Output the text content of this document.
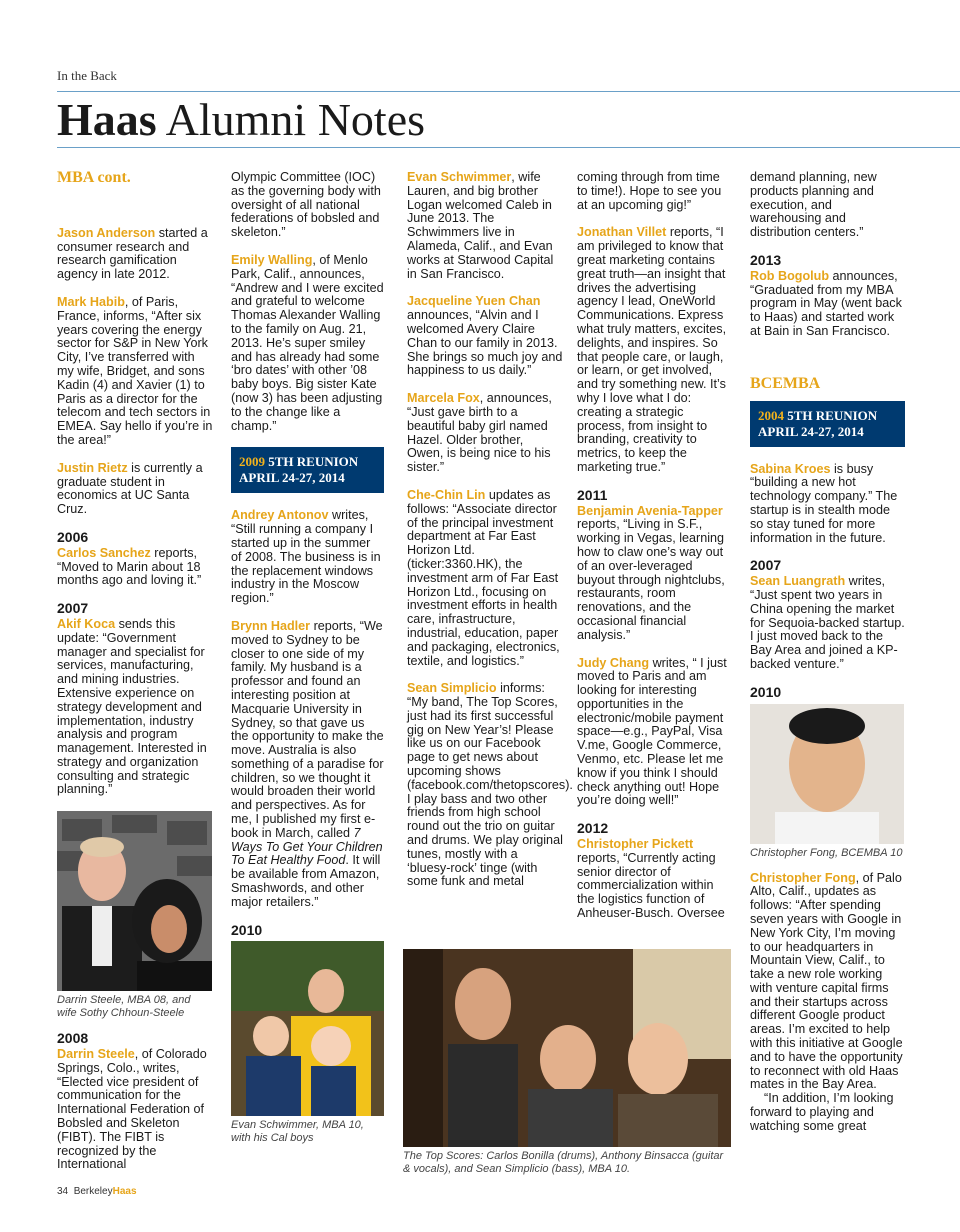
In the Back
Haas Alumni Notes
MBA cont.

Jason Anderson started a consumer research and research gamification agency in late 2012.

Mark Habib, of Paris, France, informs, “After six years covering the energy sector for S&P in New York City, I’ve transferred with my wife, Bridget, and sons Kadin (4) and Xavier (1) to Paris as a director for the telecom and tech sectors in EMEA. Say hello if you’re in the area!”

Justin Rietz is currently a graduate student in economics at UC Santa Cruz.

2006

Carlos Sanchez reports, “Moved to Marin about 18 months ago and loving it.”

2007

Akif Koca sends this update: “Government manager and specialist for services, manufacturing, and mining industries. Extensive experience on strategy development and implementation, industry analysis and program management. Interested in strategy and organization consulting and strategic planning.”

Darrin Steele, MBA 08, and wife Sothy Chhoun-Steele
2008

Darrin Steele, of Colorado Springs, Colo., writes, “Elected vice president of communication for the International Federation of Bobsled and Skeleton (FIBT). The FIBT is recognized by the International

Olympic Committee (IOC) as the governing body with oversight of all national federations of bobsled and skeleton.”

Emily Walling, of Menlo Park, Calif., announces, “Andrew and I were excited and grateful to welcome Thomas Alexander Walling to the family on Aug. 21, 2013. He’s super smiley and has already had some ‘bro dates’ with other ’08 baby boys. Big sister Kate (now 3) has been adjusting to the change like a champ.”

2009 5TH REUNION
APRIL 24-27, 2014

Andrey Antonov writes, “Still running a company I started up in the summer of 2008. The business is in the replacement windows industry in the Moscow region.”

Brynn Hadler reports, “We moved to Sydney to be closer to one side of my family. My husband is a professor and found an interesting position at Macquarie University in Sydney, so that gave us the opportunity to make the move. Australia is also something of a paradise for children, so we thought it would broaden their world and perspectives. As for me, I published my first e-book in March, called 7 Ways To Get Your Children To Eat Healthy Food. It will be available from Amazon, Smashwords, and other major retailers.”

2010
Evan Schwimmer, MBA 10, with his Cal boys

Evan Schwimmer, wife Lauren, and big brother Logan welcomed Caleb in June 2013. The Schwimmers live in Alameda, Calif., and Evan works at Starwood Capital in San Francisco.

Jacqueline Yuen Chan announces, “Alvin and I welcomed Avery Claire Chan to our family in 2013. She brings so much joy and happiness to us daily.”

Marcela Fox, announces, “Just gave birth to a beautiful baby girl named Hazel. Older brother, Owen, is being nice to his sister.”

Che-Chin Lin updates as follows: “Associate director of the principal investment department at Far East Horizon Ltd. (ticker:3360.HK), the investment arm of Far East Horizon Ltd., focusing on investment efforts in health care, infrastructure, industrial, education, paper and packaging, electronics, textile, and logistics.”

Sean Simplicio informs: “My band, The Top Scores, just had its first successful gig on New Year’s! Please like us on our Facebook page to get news about upcoming shows (facebook.com/thetopscores). I play bass and two other friends from high school round out the trio on guitar and drums. We play original tunes, mostly with a ‘bluesy-rock’ tinge (with some funk and metal

The Top Scores: Carlos Bonilla (drums), Anthony Binsacca (guitar & vocals), and Sean Simplicio (bass), MBA 10.

coming through from time to time!). Hope to see you at an upcoming gig!”

Jonathan Villet reports, “I am privileged to know that great marketing contains great truth—an insight that drives the advertising agency I lead, OneWorld Communications. Express what truly matters, excites, delights, and inspires. So that people care, or laugh, or learn, or get involved, and try something new. It’s why I love what I do: creating a strategic process, from insight to branding, creativity to metrics, to keep the marketing true.”

2011

Benjamin Avenia-Tapper reports, “Living in S.F., working in Vegas, learning how to claw one’s way out of an over-leveraged buyout through nightclubs, restaurants, room renovations, and the occasional financial analysis.”

Judy Chang writes, “ I just moved to Paris and am looking for interesting opportunities in the electronic/mobile payment space—e.g., PayPal, Visa V.me, Google Commerce, Venmo, etc. Please let me know if you think I should check anything out! Hope you’re doing well!”

2012

Christopher Pickett reports, “Currently acting senior director of commercialization within the logistics function of Anheuser-Busch. Oversee

demand planning, new products planning and execution, and warehousing and distribution centers.”

2013

Rob Bogolub announces, “Graduated from my MBA program in May (went back to Haas) and started work at Bain in San Francisco.

BCEMBA
2004 5TH REUNION
APRIL 24-27, 2014

Sabina Kroes is busy “building a new hot technology company.” The startup is in stealth mode so stay tuned for more information in the future.

2007

Sean Luangrath writes, “Just spent two years in China opening the market for Sequoia-backed startup. I just moved back to the Bay Area and joined a KP-backed venture.”

2010
Christopher Fong, BCEMBA 10

Christopher Fong, of Palo Alto, Calif., updates as follows: “After spending seven years with Google in New York City, I’m moving to our headquarters in Mountain View, Calif., to take a new role working with venture capital firms and their startups across different Google product areas. I’m excited to help with this initiative at Google and to have the opportunity to reconnect with old Haas mates in the Bay Area.

“In addition, I’m looking forward to playing and watching some great

34 BerkeleyHaas
